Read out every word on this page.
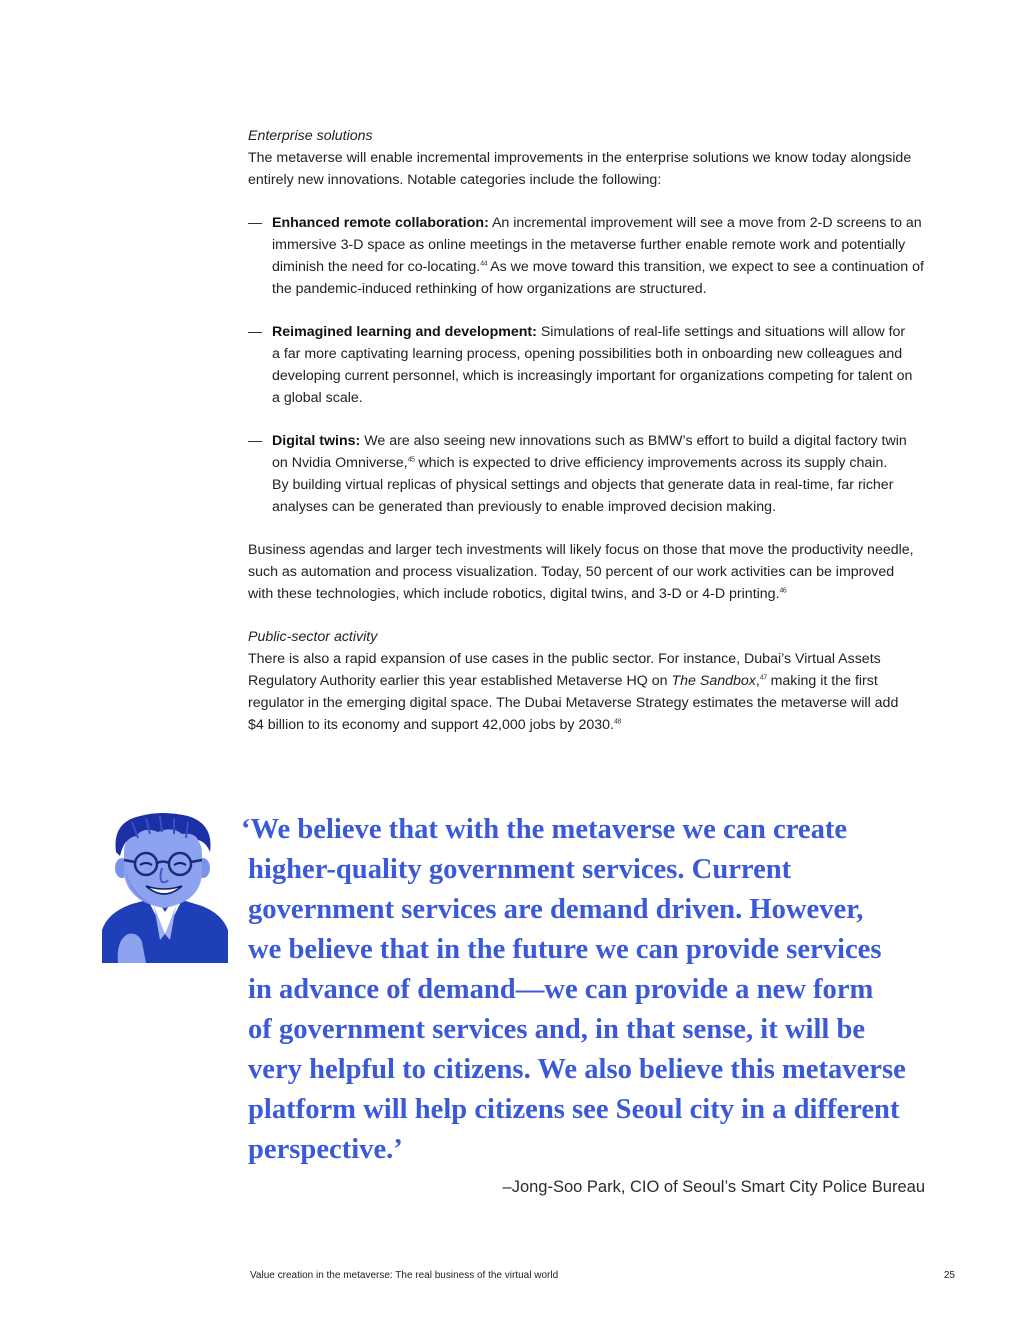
Enterprise solutions

The metaverse will enable incremental improvements in the enterprise solutions we know today alongside
entirely new innovations. Notable categories include the following:

— Enhanced remote collaboration: An incremental improvement will see a move from 2-D screens to an
immersive 3-D space as online meetings in the metaverse further enable remote work and potentially
diminish the need for co-locating.$^{44}$ As we move toward this transition, we expect to see a continuation of
the pandemic-induced rethinking of how organizations are structured.
— Reimagined learning and development: Simulations of real-life settings and situations will allow for
a far more captivating learning process, opening possibilities both in onboarding new colleagues and
developing current personnel, which is increasingly important for organizations competing for talent on
a global scale.
— Digital twins: We are also seeing new innovations such as BMW’s effort to build a digital factory twin
on Nvidia Omniverse,$^{45}$ which is expected to drive efficiency improvements across its supply chain.
By building virtual replicas of physical settings and objects that generate data in real-time, far richer
analyses can be generated than previously to enable improved decision making.

Business agendas and larger tech investments will likely focus on those that move the productivity needle,
such as automation and process visualization. Today, 50 percent of our work activities can be improved
with these technologies, which include robotics, digital twins, and 3-D or 4-D printing.$^{46}$

Public-sector activity

There is also a rapid expansion of use cases in the public sector. For instance, Dubai’s Virtual Assets
Regulatory Authority earlier this year established Metaverse HQ on The Sandbox,$^{47}$ making it the first
regulator in the emerging digital space. The Dubai Metaverse Strategy estimates the metaverse will add
$4 billion to its economy and support 42,000 jobs by 2030.48

‘We believe that with the metaverse we can create
higher-quality government services. Current
government services are demand driven. However,
we believe that in the future we can provide services
in advance of demand—we can provide a new form
of government services and, in that sense, it will be
very helpful to citizens. We also believe this metaverse
platform will help citizens see Seoul city in a different
perspective.’
–Jong-Soo Park, CIO of Seoul’s Smart City Police Bureau
Value creation in the metaverse: The real business of the virtual world	25
